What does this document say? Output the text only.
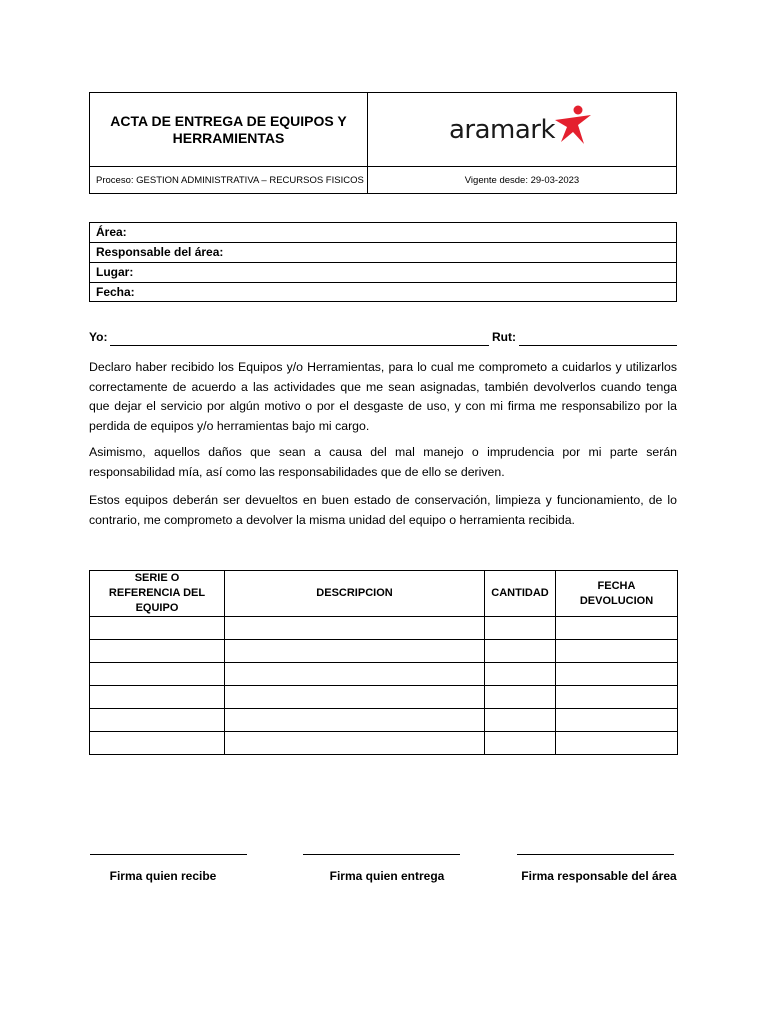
ACTA DE ENTREGA DE EQUIPOS Y HERRAMIENTAS	aramark
Proceso: GESTION ADMINISTRATIVA – RECURSOS FISICOS	Vigente desde: 29-03-2023
Área:
Responsable del área:
Lugar:
Fecha:
Yo:	Rut:
Declaro haber recibido los Equipos y/o Herramientas, para lo cual me comprometo a cuidarlos y utilizarlos correctamente de acuerdo a las actividades que me sean asignadas, también devolverlos cuando tenga que dejar el servicio por algún motivo o por el desgaste de uso, y con mi firma me responsabilizo por la perdida de equipos y/o herramientas bajo mi cargo.
Asimismo, aquellos daños que sean a causa del mal manejo o imprudencia por mi parte serán responsabilidad mía, así como las responsabilidades que de ello se deriven.
Estos equipos deberán ser devueltos en buen estado de conservación, limpieza y funcionamiento, de lo contrario, me comprometo a devolver la misma unidad del equipo o herramienta recibida.
SERIE O REFERENCIA DEL EQUIPO	DESCRIPCION	CANTIDAD	FECHA DEVOLUCION

Firma quien recibe	Firma quien entrega	Firma responsable del área
